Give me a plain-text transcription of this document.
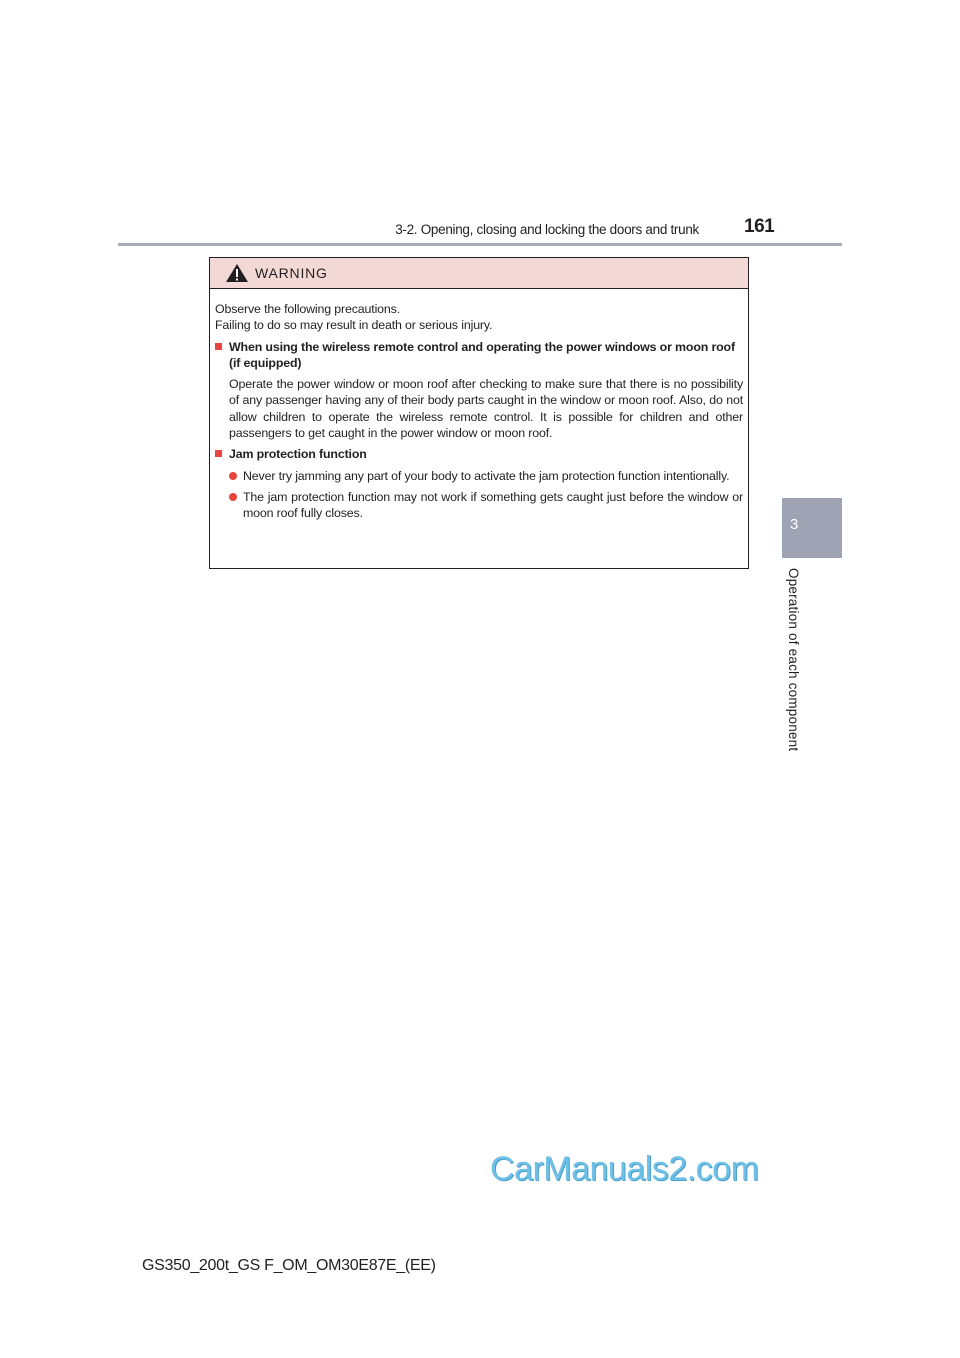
3-2. Opening, closing and locking the doors and trunk 161
3
Operation of each component
WARNING

Observe the following precautions.

Failing to do so may result in death or serious injury.

When using the wireless remote control and operating the power windows or moon roof (if equipped)

Operate the power window or moon roof after checking to make sure that there is no possibility of any passenger having any of their body parts caught in the window or moon roof. Also, do not allow children to operate the wireless remote control. It is possible for children and other passengers to get caught in the power window or moon roof.

Jam protection function
Never try jamming any part of your body to activate the jam protection function intentionally.
The jam protection function may not work if something gets caught just before the window or moon roof fully closes.
CarManuals2.com
GS350_200t_GS F_OM_OM30E87E_(EE)
